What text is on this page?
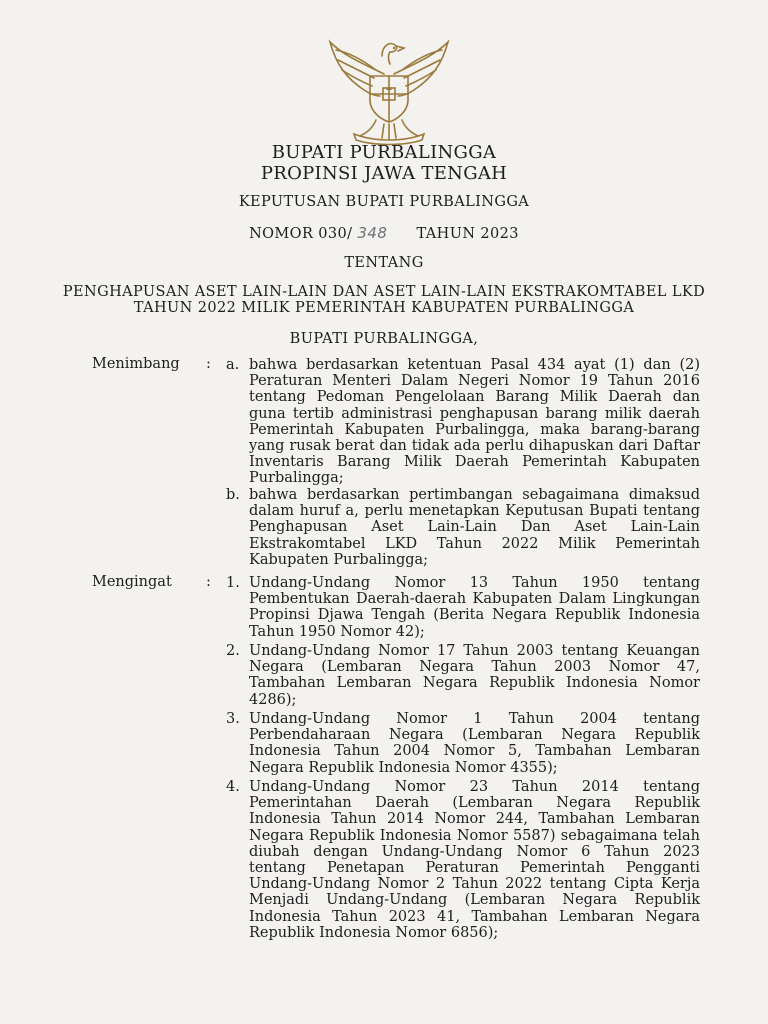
BUPATI PURBALINGGA
PROPINSI JAWA TENGAH
KEPUTUSAN BUPATI PURBALINGGA
NOMOR 030/ 348 TAHUN 2023
TENTANG
PENGHAPUSAN ASET LAIN-LAIN DAN ASET LAIN-LAIN EKSTRAKOMTABEL LKD
TAHUN 2022 MILIK PEMERINTAH KABUPATEN PURBALINGGA
BUPATI PURBALINGGA,
Menimbang : a. bahwa berdasarkan ketentuan Pasal 434 ayat (1) dan (2) Peraturan Menteri Dalam Negeri Nomor 19 Tahun 2016 tentang Pedoman Pengelolaan Barang Milik Daerah dan guna tertib administrasi penghapusan barang milik daerah Pemerintah Kabupaten Purbalingga, maka barang-barang yang rusak berat dan tidak ada perlu dihapuskan dari Daftar Inventaris Barang Milik Daerah Pemerintah Kabupaten Purbalingga;
b. bahwa berdasarkan pertimbangan sebagaimana dimaksud dalam huruf a, perlu menetapkan Keputusan Bupati tentang Penghapusan Aset Lain-Lain Dan Aset Lain-Lain Ekstrakomtabel LKD Tahun 2022 Milik Pemerintah Kabupaten Purbalingga;
Mengingat : 1. Undang-Undang Nomor 13 Tahun 1950 tentang Pembentukan Daerah-daerah Kabupaten Dalam Lingkungan Propinsi Djawa Tengah (Berita Negara Republik Indonesia Tahun 1950 Nomor 42);
2. Undang-Undang Nomor 17 Tahun 2003 tentang Keuangan Negara (Lembaran Negara Tahun 2003 Nomor 47, Tambahan Lembaran Negara Republik Indonesia Nomor 4286);
3. Undang-Undang Nomor 1 Tahun 2004 tentang Perbendaharaan Negara (Lembaran Negara Republik Indonesia Tahun 2004 Nomor 5, Tambahan Lembaran Negara Republik Indonesia Nomor 4355);
4. Undang-Undang Nomor 23 Tahun 2014 tentang Pemerintahan Daerah (Lembaran Negara Republik Indonesia Tahun 2014 Nomor 244, Tambahan Lembaran Negara Republik Indonesia Nomor 5587) sebagaimana telah diubah dengan Undang-Undang Nomor 6 Tahun 2023 tentang Penetapan Peraturan Pemerintah Pengganti Undang-Undang Nomor 2 Tahun 2022 tentang Cipta Kerja Menjadi Undang-Undang (Lembaran Negara Republik Indonesia Tahun 2023 41, Tambahan Lembaran Negara Republik Indonesia Nomor 6856);
